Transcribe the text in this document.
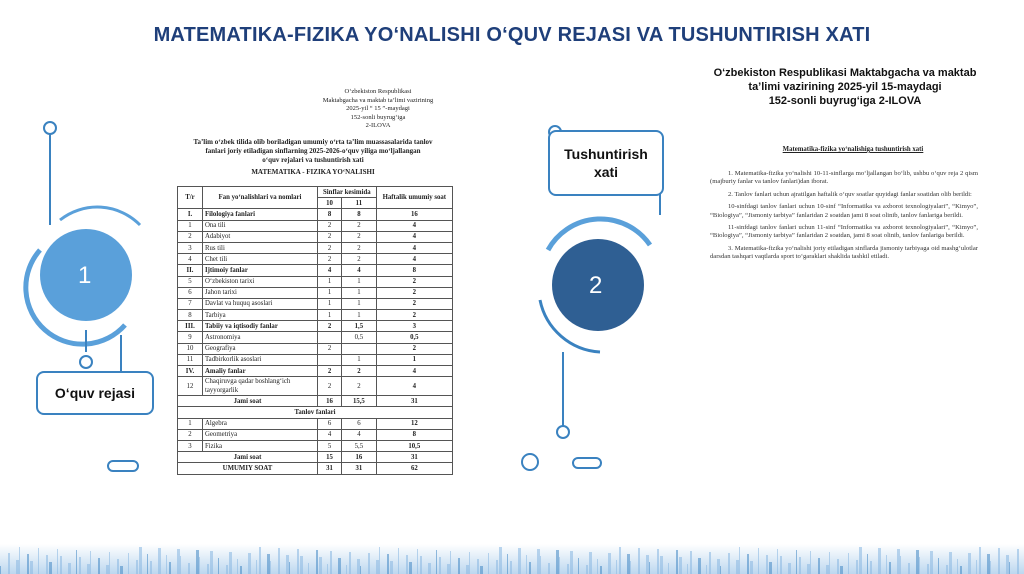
MATEMATIKA-FIZIKA YO‘NALISHI O‘QUV REJASI VA TUSHUNTIRISH XATI
O‘zbekiston Respublikasi Maktabgacha va maktab
ta’limi vazirining 2025-yil 15-maydagi
152-sonli buyrug‘iga 2-ILOVA
1	2
O‘quv rejasi
Tushuntirish
xati
O‘zbekiston Respublikasi
Maktabgacha va maktab ta’limi vazirining
2025-yil “ 15 ”-maydagi
152-sonli buyrug‘iga
2-ILOVA
Ta’lim o‘zbek tilida olib boriladigan umumiy o‘rta ta’lim muassasalarida tanlov
fanlari joriy etiladigan sinflarning 2025-2026-o‘quv yiliga mo‘ljallangan
o‘quv rejalari va tushuntirish xati
MATEMATIKA - FIZIKA YO‘NALISHI
T/r	Fan yo‘nalishlari va nomlari	Sinflar kesimida		Haftalik umumiy soat
		10	11	
I.	Filologiya fanlari	8	8	16
1	Ona tili	2	2	4
2	Adabiyot	2	2	4
3	Rus tili	2	2	4
4	Chet tili	2	2	4
II.	Ijtimoiy fanlar	4	4	8
5	O‘zbekiston tarixi	1	1	2
6	Jahon tarixi	1	1	2
7	Davlat va huquq asoslari	1	1	2
8	Tarbiya	1	1	2
III.	Tabiiy va iqtisodiy fanlar	2	1,5	3
9	Astronomiya		0,5	0,5
10	Geografiya	2		2
11	Tadbirkorlik asoslari		1	1
IV.	Amaliy fanlar	2	2	4
12	Chaqiruvga qadar boshlang‘ich tayyorgarlik	2	2	4
Jami soat		16	15,5	31
Tanlov fanlari				
1	Algebra	6	6	12
2	Geometriya	4	4	8
3	Fizika	5	5,5	10,5
Jami soat		15	16	31
UMUMIY SOAT		31	31	62
Matematika-fizika yo‘nalishiga tushuntirish xati

1. Matematika-fizika yo‘nalishi 10-11-sinflarga mo‘ljallangan bo‘lib, ushbu o‘quv reja 2 qism (majburiy fanlar va tanlov fanlari)dan iborat.

2. Tanlov fanlari uchun ajratilgan haftalik o‘quv soatlar quyidagi fanlar soatidan olib berildi:

10-sinfdagi tanlov fanlari uchun 10-sinf “Informatika va axborot texnologiyalari”, “Kimyo”, “Biologiya”, “Jismoniy tarbiya” fanlaridan 2 soatdan jami 8 soat olinib, tanlov fanlariga berildi.

11-sinfdagi tanlov fanlari uchun 11-sinf “Informatika va axborot texnologiyalari”, “Kimyo”, “Biologiya”, “Jismoniy tarbiya” fanlaridan 2 soatdan, jami 8 soat olinib, tanlov fanlariga berildi.

3. Matematika-fizika yo‘nalishi joriy etiladigan sinflarda jismoniy tarbiyaga oid mashg‘ulotlar darsdan tashqari vaqtlarda sport to‘garaklari shaklida tashkil etiladi.
